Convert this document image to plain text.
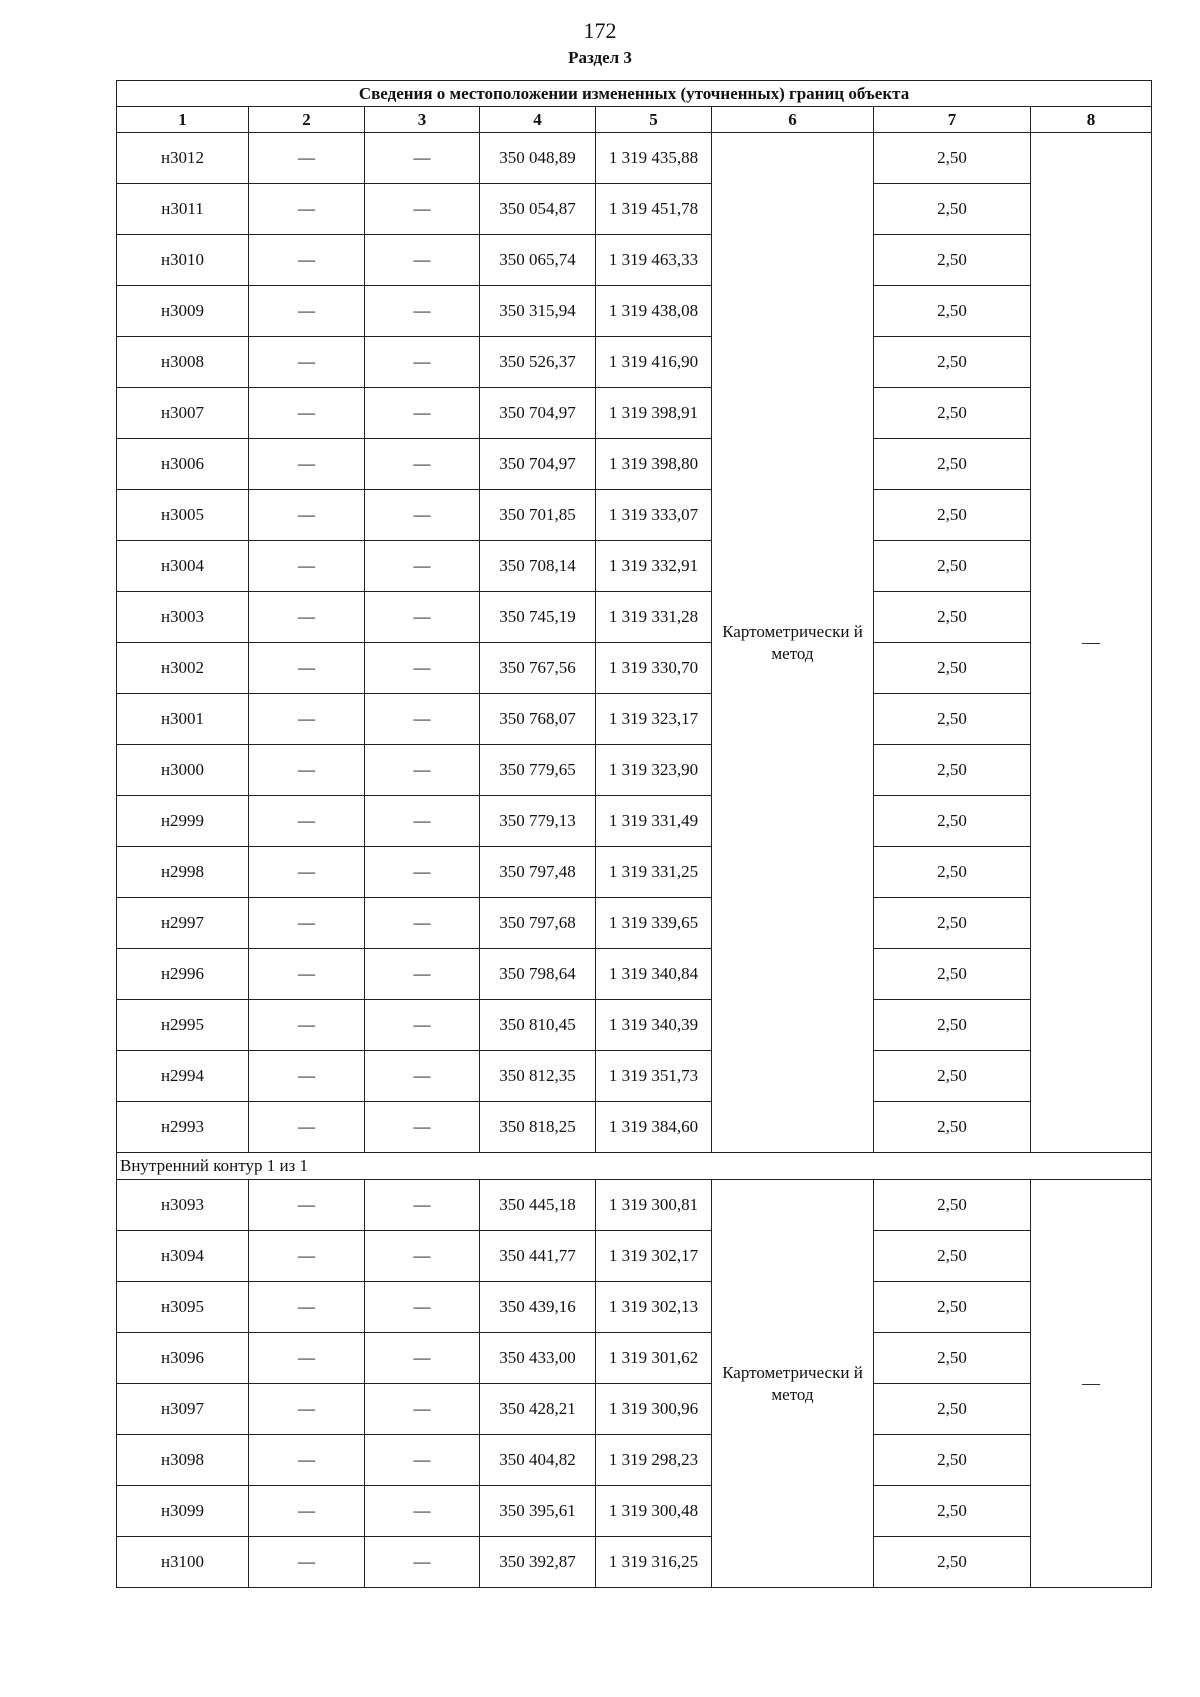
172
Раздел 3
Сведения о местоположении измененных (уточненных) границ объекта							
1	2	3	4	5	6	7	8
н3012	—	—	350 048,89	1 319 435,88	Картометрически й метод	2,50	—
н3011	—	—	350 054,87	1 319 451,78		2,50	
н3010	—	—	350 065,74	1 319 463,33		2,50	
н3009	—	—	350 315,94	1 319 438,08		2,50	
н3008	—	—	350 526,37	1 319 416,90		2,50	
н3007	—	—	350 704,97	1 319 398,91		2,50	
н3006	—	—	350 704,97	1 319 398,80		2,50	
н3005	—	—	350 701,85	1 319 333,07		2,50	
н3004	—	—	350 708,14	1 319 332,91		2,50	
н3003	—	—	350 745,19	1 319 331,28		2,50	
н3002	—	—	350 767,56	1 319 330,70		2,50	
н3001	—	—	350 768,07	1 319 323,17		2,50	
н3000	—	—	350 779,65	1 319 323,90		2,50	
н2999	—	—	350 779,13	1 319 331,49		2,50	
н2998	—	—	350 797,48	1 319 331,25		2,50	
н2997	—	—	350 797,68	1 319 339,65		2,50	
н2996	—	—	350 798,64	1 319 340,84		2,50	
н2995	—	—	350 810,45	1 319 340,39		2,50	
н2994	—	—	350 812,35	1 319 351,73		2,50	
н2993	—	—	350 818,25	1 319 384,60		2,50	
Внутренний контур 1 из 1							
н3093	—	—	350 445,18	1 319 300,81	Картометрически й метод	2,50	—
н3094	—	—	350 441,77	1 319 302,17		2,50	
н3095	—	—	350 439,16	1 319 302,13		2,50	
н3096	—	—	350 433,00	1 319 301,62		2,50	
н3097	—	—	350 428,21	1 319 300,96		2,50	
н3098	—	—	350 404,82	1 319 298,23		2,50	
н3099	—	—	350 395,61	1 319 300,48		2,50	
н3100	—	—	350 392,87	1 319 316,25		2,50	
